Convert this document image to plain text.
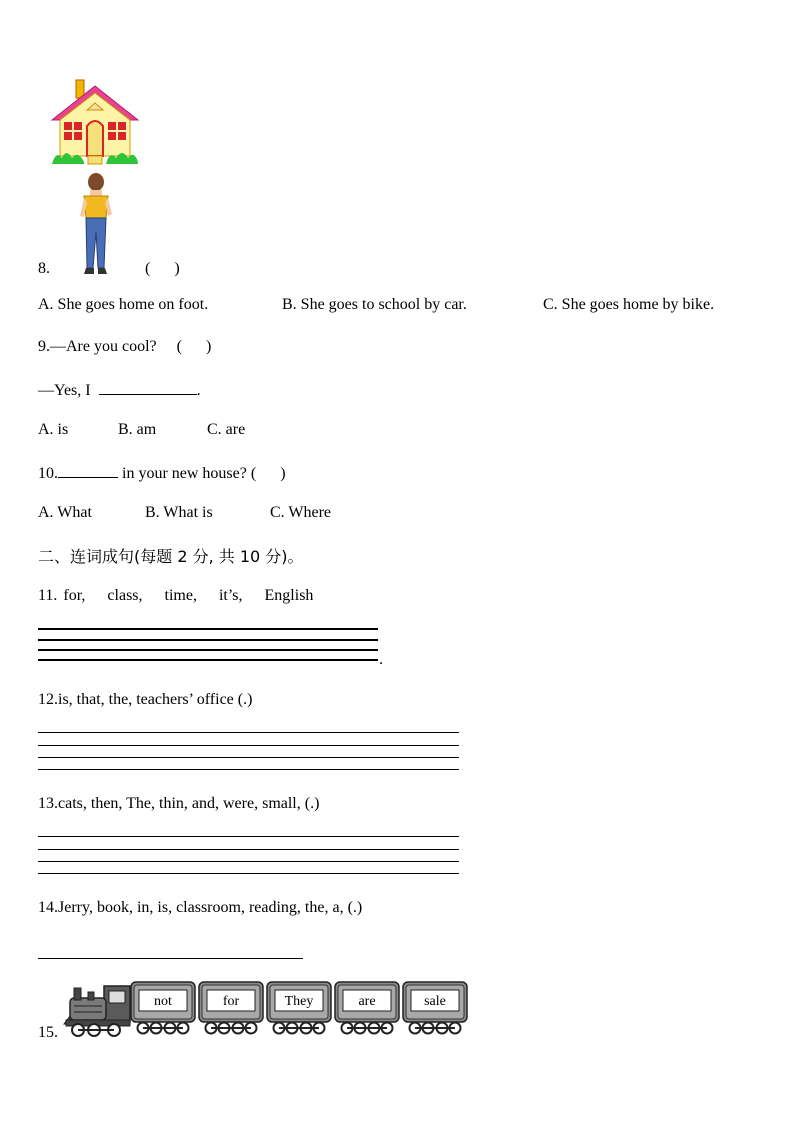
8.	(      )
A. She goes home on foot.	B. She goes to school by car.	C. She goes home by bike.
9.—Are you cool? (      )
—Yes, I	.
A. is	B. am	C. are
10.	in your new house? (      )
A. What	B. What is	C. Where
二、连词成句(每题 2 分, 共 10 分)。
11. for, class, time, it’s, English
.
12.is, that, the, teachers’ office (.)
13.cats, then, The, thin, and, were, small, (.)
14.Jerry, book, in, is, classroom, reading, the, a, (.)
15.
not	for	They	are	sale
